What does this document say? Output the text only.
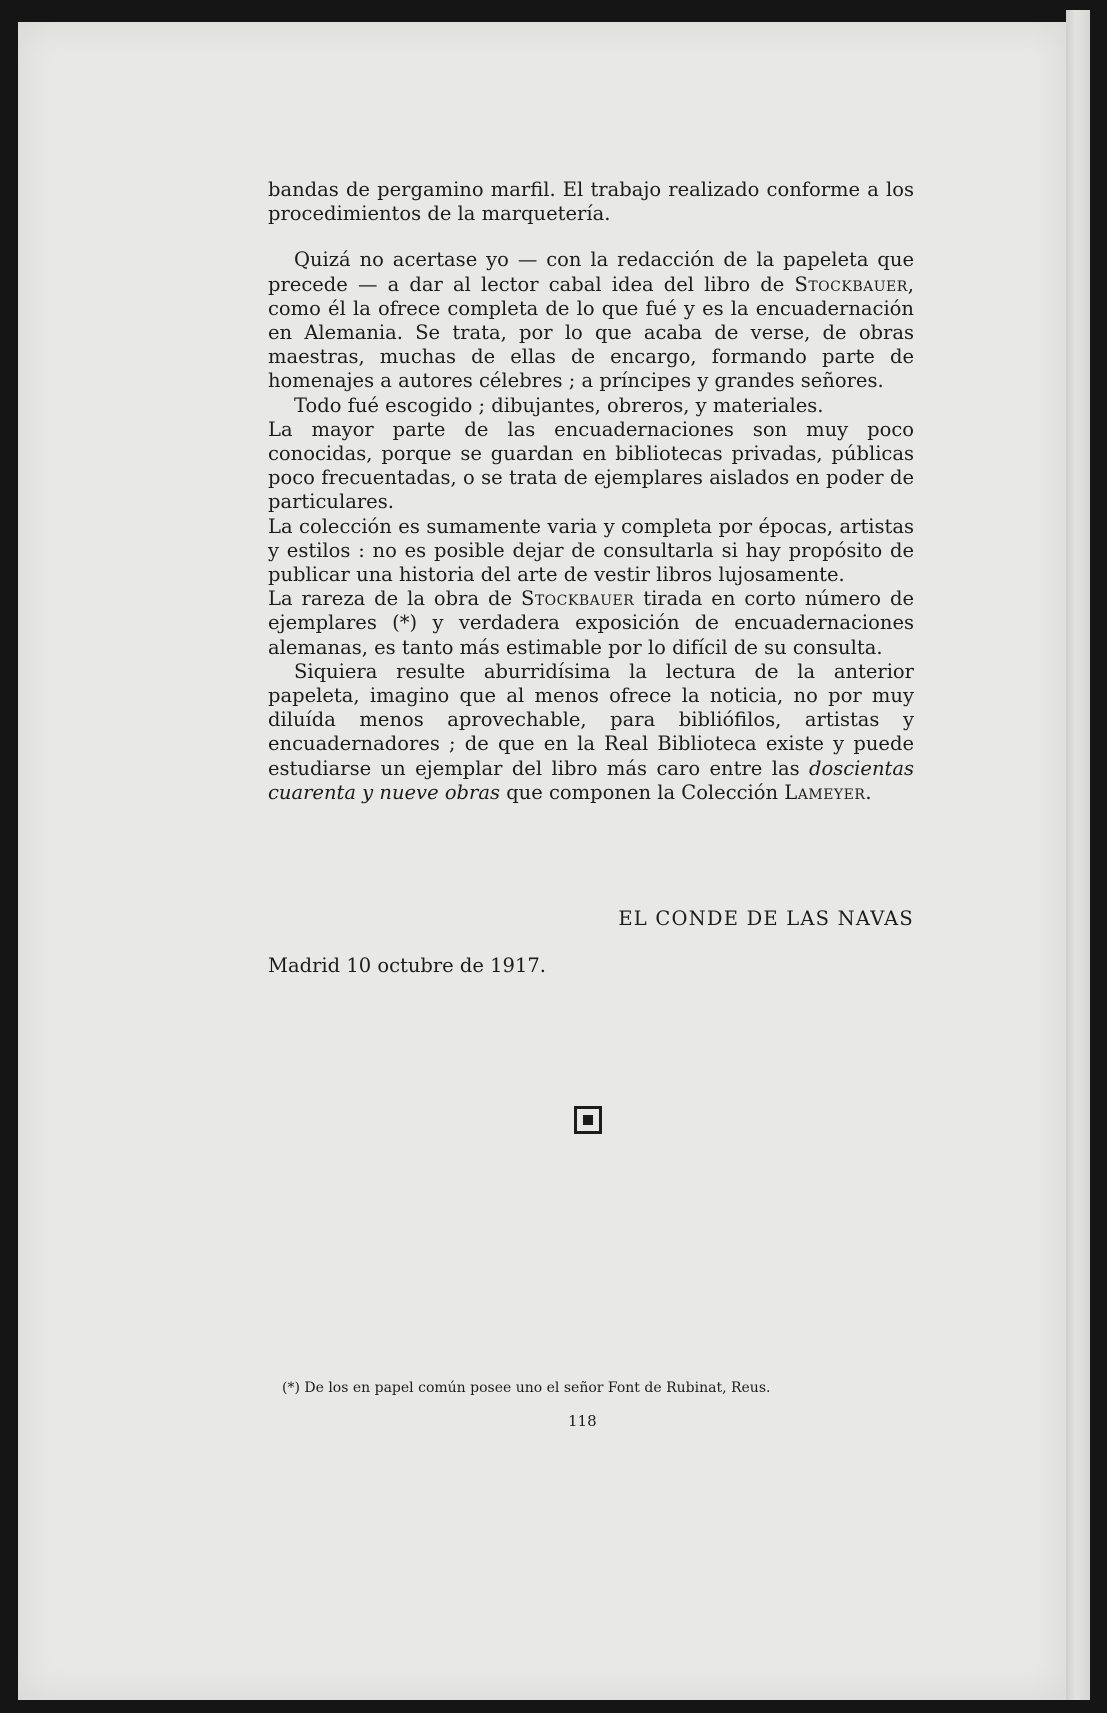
bandas de pergamino marfil. El trabajo realizado conforme a los procedimientos de la marquetería.

Quizá no acertase yo — con la redacción de la papeleta que precede — a dar al lector cabal idea del libro de Stockbauer, como él la ofrece completa de lo que fué y es la encuadernación en Alemania. Se trata, por lo que acaba de verse, de obras maestras, muchas de ellas de encargo, formando parte de homenajes a autores célebres ; a príncipes y grandes señores.

Todo fué escogido ; dibujantes, obreros, y materiales.

La mayor parte de las encuadernaciones son muy poco conocidas, porque se guardan en bibliotecas privadas, públicas poco frecuentadas, o se trata de ejemplares aislados en poder de particulares.

La colección es sumamente varia y completa por épocas, artistas y estilos : no es posible dejar de consultarla si hay propósito de publicar una historia del arte de vestir libros lujosamente.

La rareza de la obra de Stockbauer tirada en corto número de ejemplares (*) y verdadera exposición de encuadernaciones alemanas, es tanto más estimable por lo difícil de su consulta.

Siquiera resulte aburridísima la lectura de la anterior papeleta, imagino que al menos ofrece la noticia, no por muy diluída menos aprovechable, para bibliófilos, artistas y encuadernadores ; de que en la Real Biblioteca existe y puede estudiarse un ejemplar del libro más caro entre las doscientas cuarenta y nueve obras que componen la Colección Lameyer.

EL CONDE DE LAS NAVAS
Madrid 10 octubre de 1917.
(*) De los en papel común posee uno el señor Font de Rubinat, Reus.
118
